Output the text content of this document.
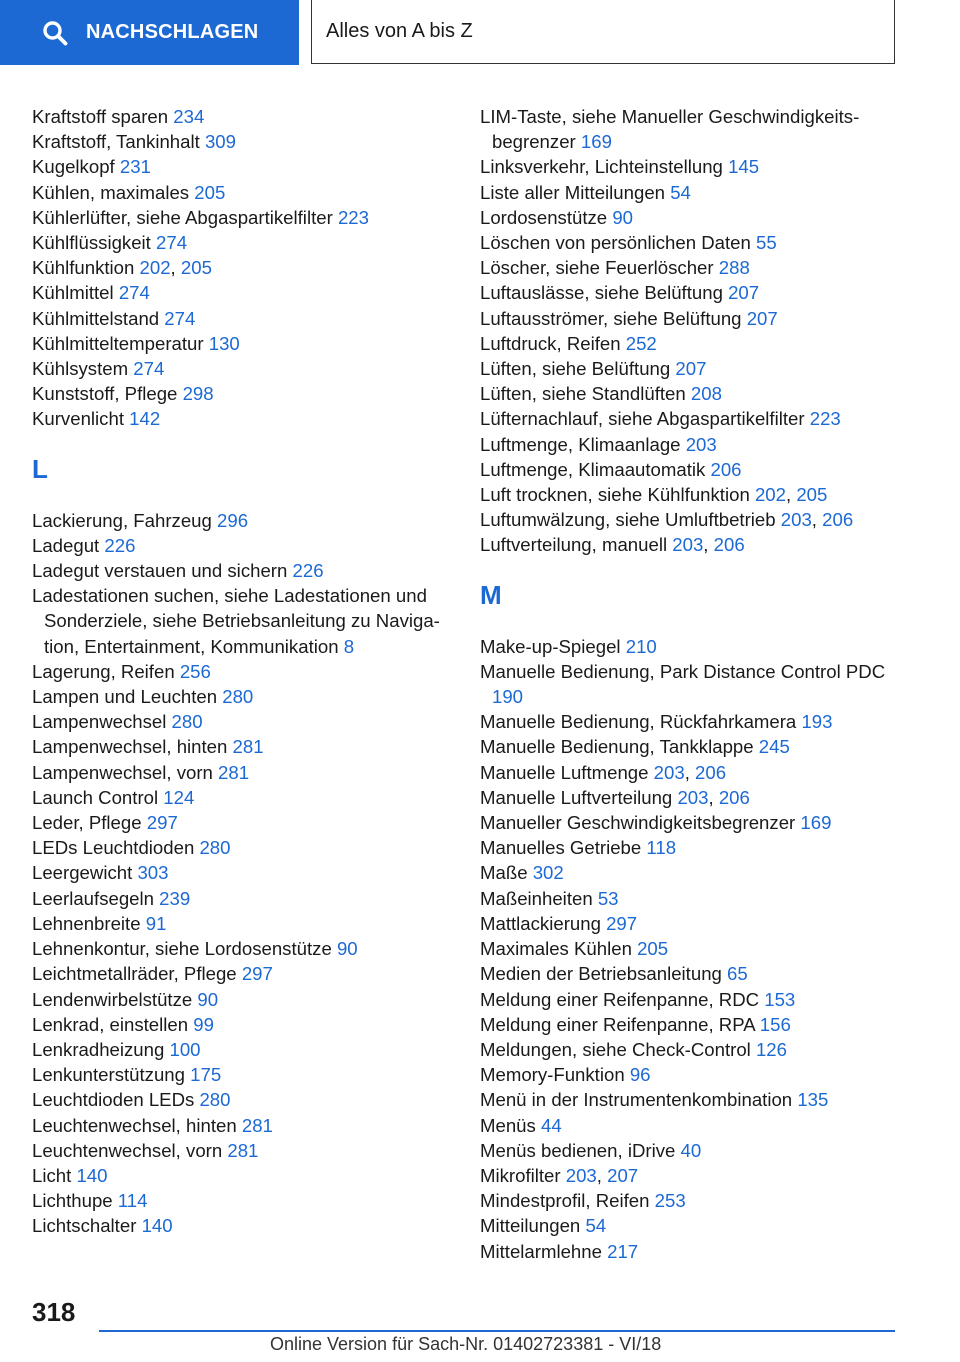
NACHSCHLAGEN	Alles von A bis Z
Kraftstoff sparen 234
Kraftstoff, Tankinhalt 309
Kugelkopf 231
Kühlen, maximales 205
Kühlerlüfter, siehe Abgaspartikelfilter 223
Kühlflüssigkeit 274
Kühlfunktion 202, 205
Kühlmittel 274
Kühlmittelstand 274
Kühlmitteltemperatur 130
Kühlsystem 274
Kunststoff, Pflege 298
Kurvenlicht 142
L
Lackierung, Fahrzeug 296
Ladegut 226
Ladegut verstauen und sichern 226
Ladestationen suchen, siehe Ladestationen und Sonderziele, siehe Betriebsanleitung zu Naviga-tion, Entertainment, Kommunikation 8
Lagerung, Reifen 256
Lampen und Leuchten 280
Lampenwechsel 280
Lampenwechsel, hinten 281
Lampenwechsel, vorn 281
Launch Control 124
Leder, Pflege 297
LEDs Leuchtdioden 280
Leergewicht 303
Leerlaufsegeln 239
Lehnenbreite 91
Lehnenkontur, siehe Lordosenstütze 90
Leichtmetallräder, Pflege 297
Lendenwirbelstütze 90
Lenkrad, einstellen 99
Lenkradheizung 100
Lenkunterstützung 175
Leuchtdioden LEDs 280
Leuchtenwechsel, hinten 281
Leuchtenwechsel, vorn 281
Licht 140
Lichthupe 114
Lichtschalter 140
LIM-Taste, siehe Manueller Geschwindigkeits-begrenzer 169
Linksverkehr, Lichteinstellung 145
Liste aller Mitteilungen 54
Lordosenstütze 90
Löschen von persönlichen Daten 55
Löscher, siehe Feuerlöscher 288
Luftauslässe, siehe Belüftung 207
Luftausströmer, siehe Belüftung 207
Luftdruck, Reifen 252
Lüften, siehe Belüftung 207
Lüften, siehe Standlüften 208
Lüfternachlauf, siehe Abgaspartikelfilter 223
Luftmenge, Klimaanlage 203
Luftmenge, Klimaautomatik 206
Luft trocknen, siehe Kühlfunktion 202, 205
Luftumwälzung, siehe Umluftbetrieb 203, 206
Luftverteilung, manuell 203, 206
M
Make-up-Spiegel 210
Manuelle Bedienung, Park Distance Control PDC 190
Manuelle Bedienung, Rückfahrkamera 193
Manuelle Bedienung, Tankklappe 245
Manuelle Luftmenge 203, 206
Manuelle Luftverteilung 203, 206
Manueller Geschwindigkeitsbegrenzer 169
Manuelles Getriebe 118
Maße 302
Maßeinheiten 53
Mattlackierung 297
Maximales Kühlen 205
Medien der Betriebsanleitung 65
Meldung einer Reifenpanne, RDC 153
Meldung einer Reifenpanne, RPA 156
Meldungen, siehe Check-Control 126
Memory-Funktion 96
Menü in der Instrumentenkombination 135
Menüs 44
Menüs bedienen, iDrive 40
Mikrofilter 203, 207
Mindestprofil, Reifen 253
Mitteilungen 54
Mittelarmlehne 217
318
Online Version für Sach-Nr. 01402723381 - VI/18
